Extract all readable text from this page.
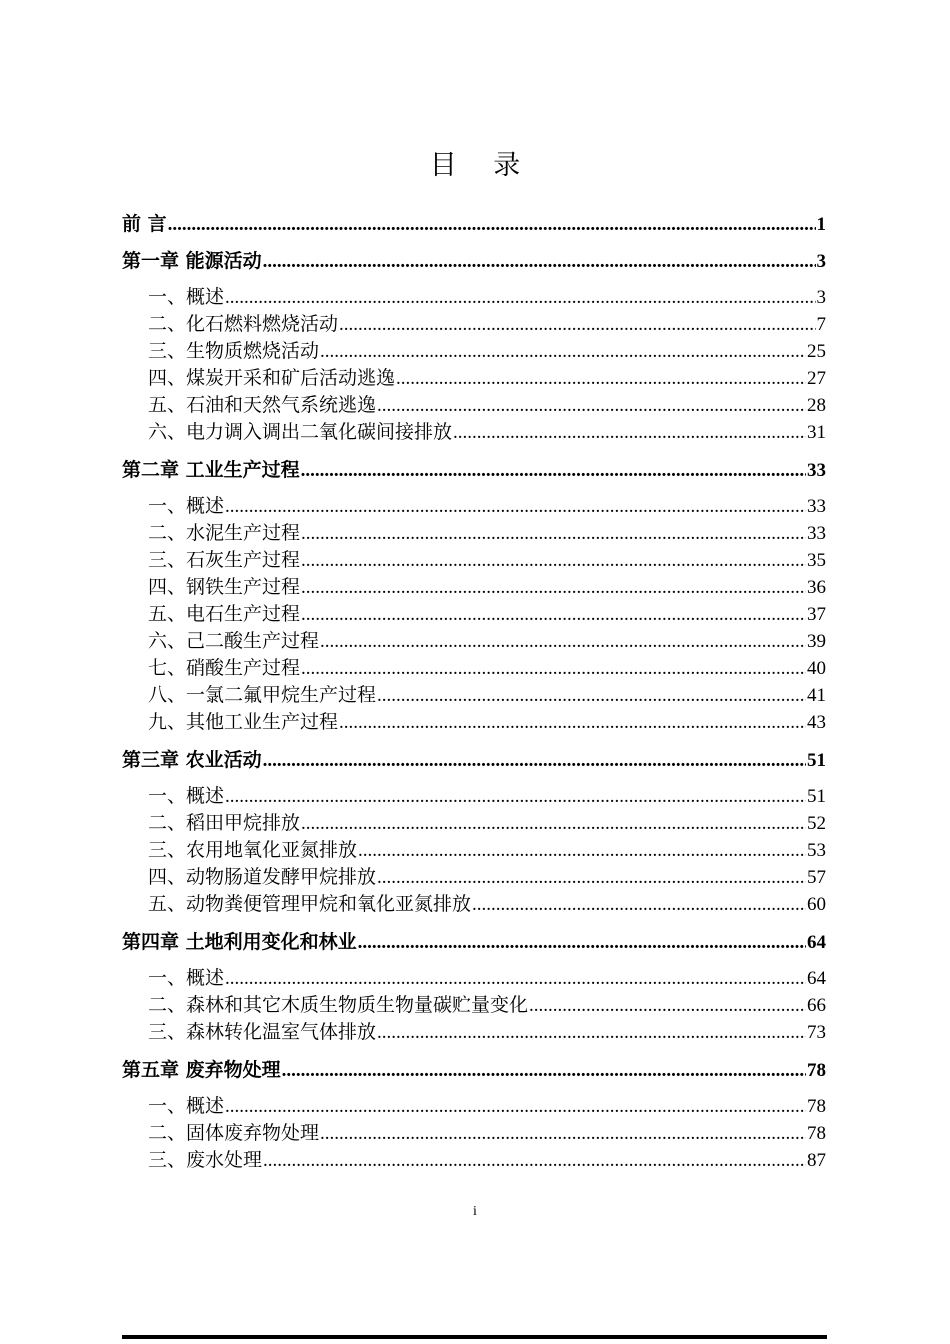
目 录
前 言 .....	1
第一章 能源活动 .....	3
一、概述 .....	3
二、化石燃料燃烧活动 .....	7
三、生物质燃烧活动 .....	25
四、煤炭开采和矿后活动逃逸 .....	27
五、石油和天然气系统逃逸 .....	28
六、电力调入调出二氧化碳间接排放 .....	31
第二章 工业生产过程 .....	33
一、概述 .....	33
二、水泥生产过程 .....	33
三、石灰生产过程 .....	35
四、钢铁生产过程 .....	36
五、电石生产过程 .....	37
六、己二酸生产过程 .....	39
七、硝酸生产过程 .....	40
八、一氯二氟甲烷生产过程 .....	41
九、其他工业生产过程 .....	43
第三章 农业活动 .....	51
一、概述 .....	51
二、稻田甲烷排放 .....	52
三、农用地氧化亚氮排放 .....	53
四、动物肠道发酵甲烷排放 .....	57
五、动物粪便管理甲烷和氧化亚氮排放 .....	60
第四章 土地利用变化和林业 .....	64
一、概述 .....	64
二、森林和其它木质生物质生物量碳贮量变化 .....	66
三、森林转化温室气体排放 .....	73
第五章 废弃物处理 .....	78
一、概述 .....	78
二、固体废弃物处理 .....	78
三、废水处理 .....	87
i
